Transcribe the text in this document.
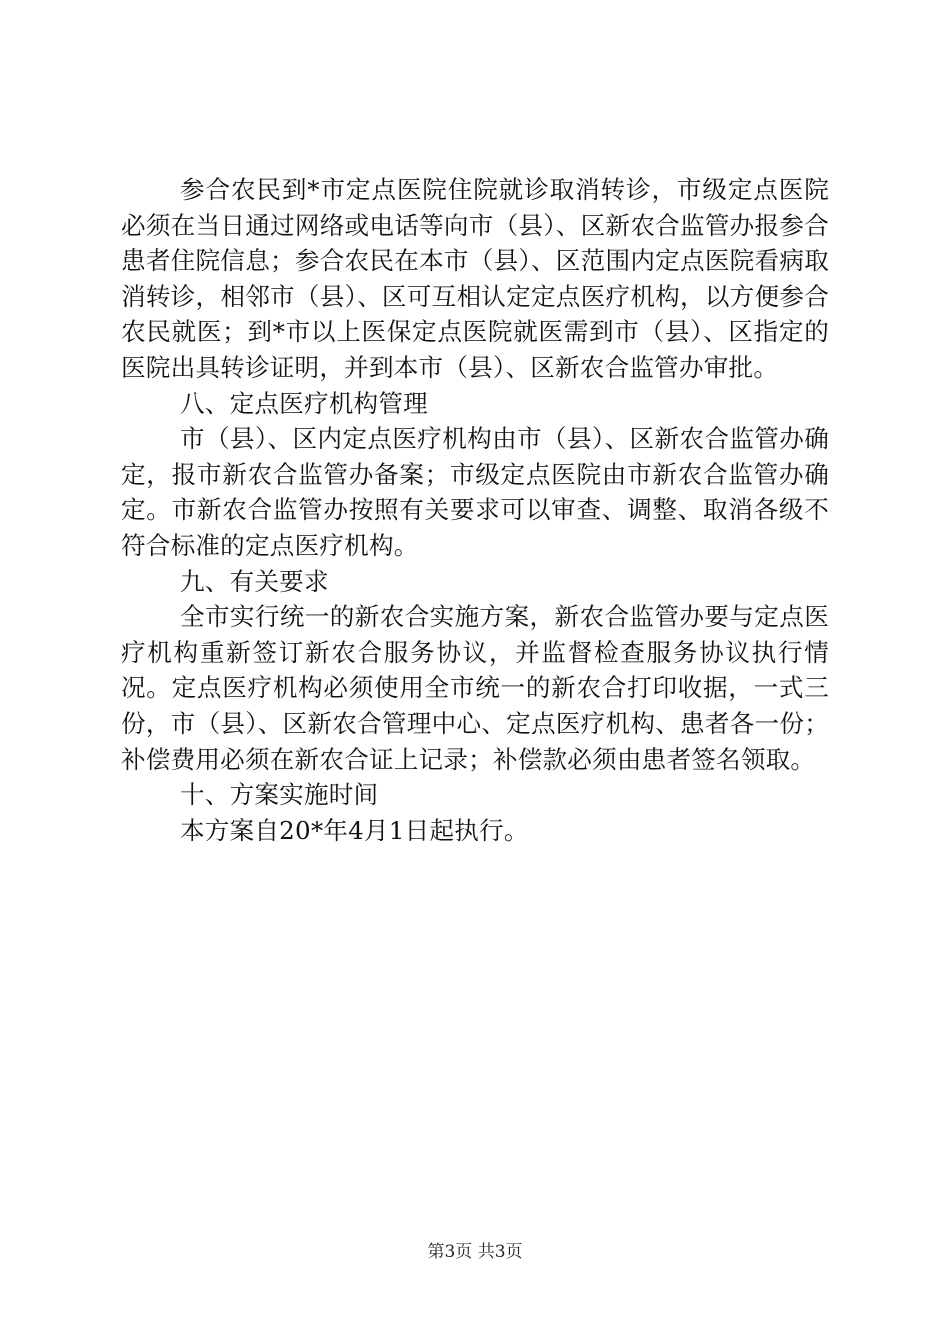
参合农民到*市定点医院住院就诊取消转诊，市级定点医院必须在当日通过网络或电话等向市（县）、区新农合监管办报参合患者住院信息；参合农民在本市（县）、区范围内定点医院看病取消转诊，相邻市（县）、区可互相认定定点医疗机构，以方便参合农民就医；到*市以上医保定点医院就医需到市（县）、区指定的医院出具转诊证明，并到本市（县）、区新农合监管办审批。

八、定点医疗机构管理

市（县）、区内定点医疗机构由市（县）、区新农合监管办确定，报市新农合监管办备案；市级定点医院由市新农合监管办确定。市新农合监管办按照有关要求可以审查、调整、取消各级不符合标准的定点医疗机构。

九、有关要求

全市实行统一的新农合实施方案，新农合监管办要与定点医疗机构重新签订新农合服务协议，并监督检查服务协议执行情况。定点医疗机构必须使用全市统一的新农合打印收据，一式三份，市（县）、区新农合管理中心、定点医疗机构、患者各一份；补偿费用必须在新农合证上记录；补偿款必须由患者签名领取。

十、方案实施时间

本方案自20*年4月1日起执行。

第3页 共3页
